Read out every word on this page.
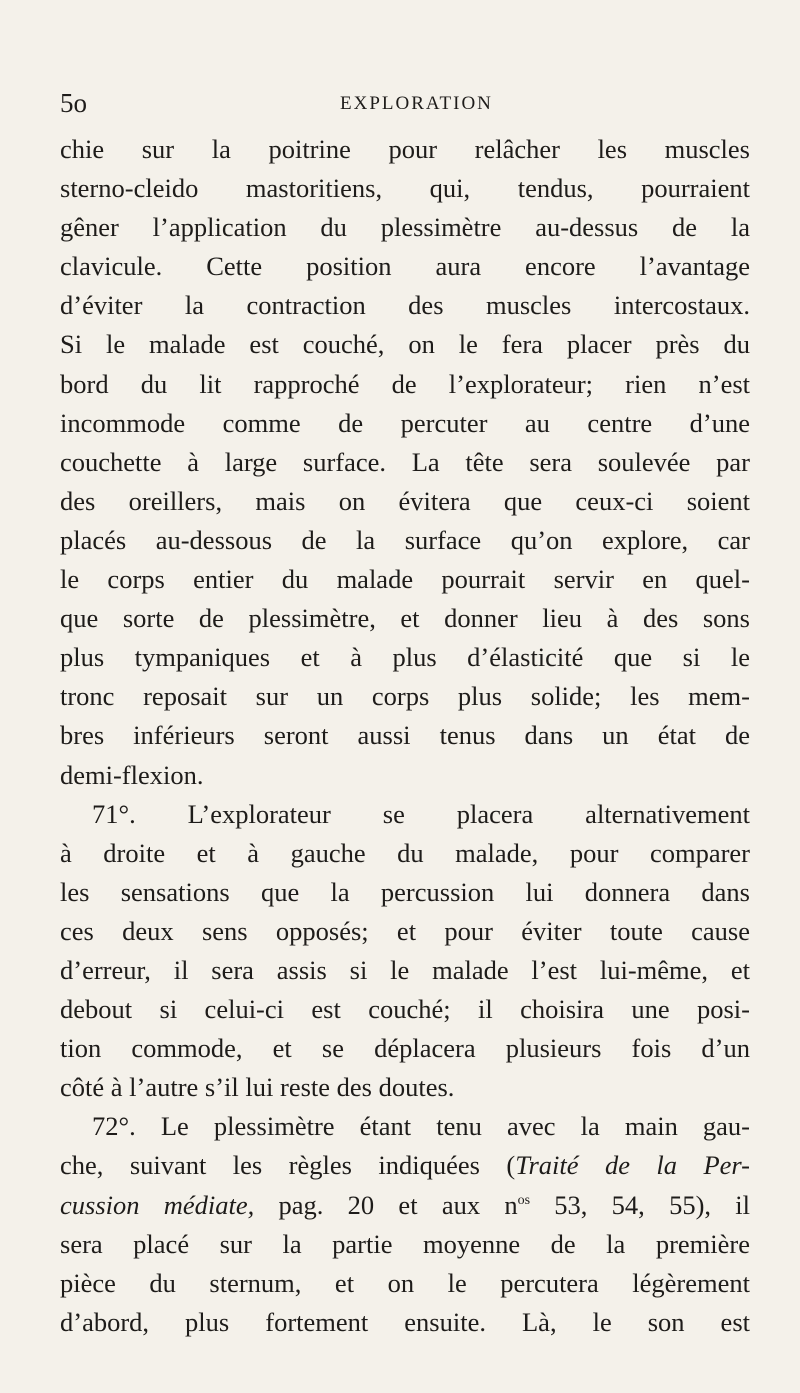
5o	EXPLORATION
chie sur la poitrine pour relâcher les muscles
sterno-cleido mastoritiens, qui, tendus, pourraient
gêner l’application du plessimètre au-dessus de la
clavicule. Cette position aura encore l’avantage
d’éviter la contraction des muscles intercostaux.
Si le malade est couché, on le fera placer près du
bord du lit rapproché de l’explorateur; rien n’est
incommode comme de percuter au centre d’une
couchette à large surface. La tête sera soulevée par
des oreillers, mais on évitera que ceux-ci soient
placés au-dessous de la surface qu’on explore, car
le corps entier du malade pourrait servir en quel-
que sorte de plessimètre, et donner lieu à des sons
plus tympaniques et à plus d’élasticité que si le
tronc reposait sur un corps plus solide; les mem-
bres inférieurs seront aussi tenus dans un état de
demi-flexion.
71°. L’explorateur se placera alternativement
à droite et à gauche du malade, pour comparer
les sensations que la percussion lui donnera dans
ces deux sens opposés; et pour éviter toute cause
d’erreur, il sera assis si le malade l’est lui-même, et
debout si celui-ci est couché; il choisira une posi-
tion commode, et se déplacera plusieurs fois d’un
côté à l’autre s’il lui reste des doutes.
72°. Le plessimètre étant tenu avec la main gau-
che, suivant les règles indiquées (Traité de la Per-
cussion médiate, pag. 20 et aux $n^{os}$ 53, 54, 55), il
sera placé sur la partie moyenne de la première
pièce du sternum, et on le percutera légèrement
d’abord, plus fortement ensuite. Là, le son est
